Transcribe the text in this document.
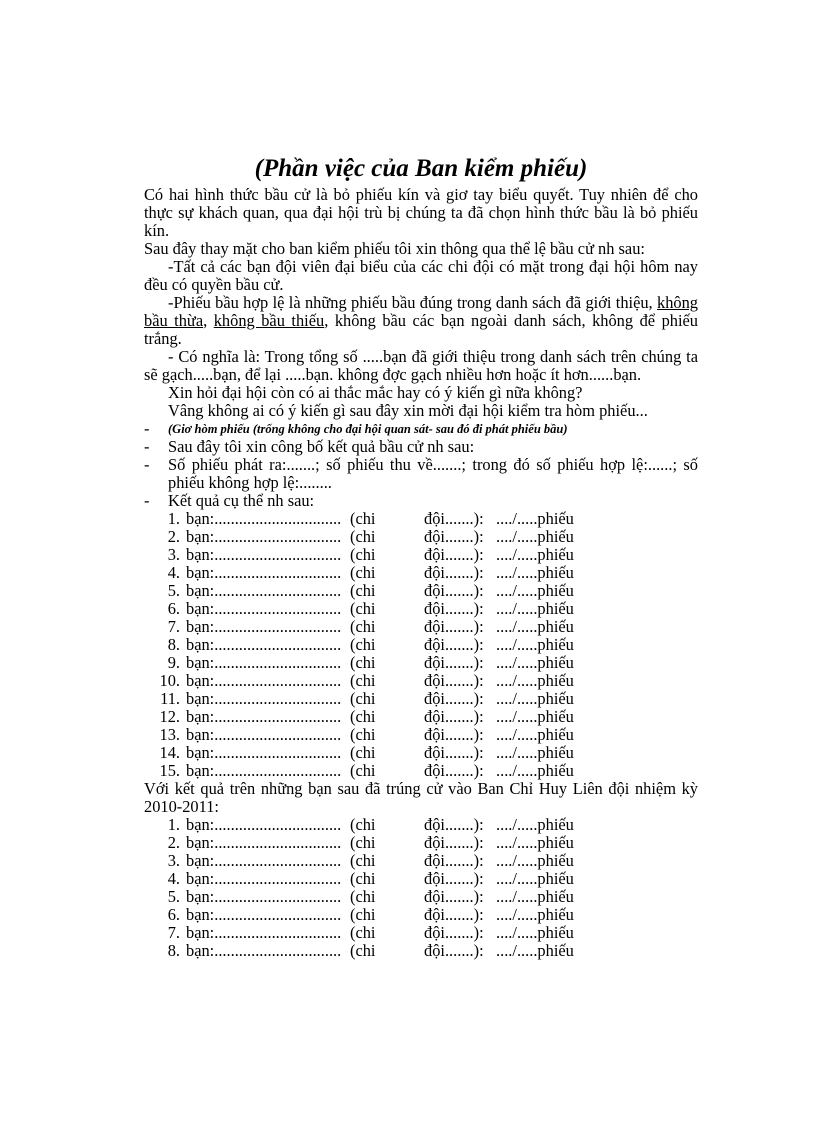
(Phần việc của Ban kiểm phiếu)

Có hai hình thức bầu cử là bỏ phiếu kín và giơ tay biểu quyết. Tuy nhiên để cho thực sự khách quan, qua đại hội trù bị chúng ta đã chọn hình thức bầu là bỏ phiếu kín.

Sau đây thay mặt cho ban kiểm phiếu tôi xin thông qua thể lệ bầu cử nh sau:

-Tất cả các bạn đội viên đại biểu của các chi đội có mặt trong đại hội hôm nay đều có quyền bầu cử.

-Phiếu bầu hợp lệ là những phiếu bầu đúng trong danh sách đã giới thiệu, không bầu thừa, không bầu thiếu, không bầu các bạn ngoài danh sách, không để phiếu trắng.

- Có nghĩa là: Trong tổng số .....bạn đã giới thiệu trong danh sách trên chúng ta sẽ gạch.....bạn, để lại .....bạn. không đợc gạch nhiều hơn hoặc ít hơn......bạn.

Xin hỏi đại hội còn có ai thắc mắc hay có ý kiến gì nữa không?

Vâng không ai có ý kiến gì sau đây xin mời đại hội kiểm tra hòm phiếu...

-	(Giơ hòm phiếu (trống không cho đại hội quan sát- sau đó đi phát phiếu bầu)
-	Sau đây tôi xin công bố kết quả bầu cử nh sau:
-	Số phiếu phát ra:.......; số phiếu thu về.......; trong đó số phiếu hợp lệ:......; số phiếu không hợp lệ:........
-	Kết quả cụ thể nh sau:
1. bạn:............................... (chi	đội.......): ..../.....phiếu
2. bạn:............................... (chi	đội.......): ..../.....phiếu
3. bạn:............................... (chi	đội.......): ..../.....phiếu
4. bạn:............................... (chi	đội.......): ..../.....phiếu
5. bạn:............................... (chi	đội.......): ..../.....phiếu
6. bạn:............................... (chi	đội.......): ..../.....phiếu
7. bạn:............................... (chi	đội.......): ..../.....phiếu
8. bạn:............................... (chi	đội.......): ..../.....phiếu
9. bạn:............................... (chi	đội.......): ..../.....phiếu
10. bạn:............................... (chi	đội.......): ..../.....phiếu
11. bạn:............................... (chi	đội.......): ..../.....phiếu
12. bạn:............................... (chi	đội.......): ..../.....phiếu
13. bạn:............................... (chi	đội.......): ..../.....phiếu
14. bạn:............................... (chi	đội.......): ..../.....phiếu
15. bạn:............................... (chi	đội.......): ..../.....phiếu

Với kết quả trên những bạn sau đã trúng cử vào Ban Chỉ Huy Liên đội nhiệm kỳ 2010-2011:

1. bạn:............................... (chi	đội.......): ..../.....phiếu
2. bạn:............................... (chi	đội.......): ..../.....phiếu
3. bạn:............................... (chi	đội.......): ..../.....phiếu
4. bạn:............................... (chi	đội.......): ..../.....phiếu
5. bạn:............................... (chi	đội.......): ..../.....phiếu
6. bạn:............................... (chi	đội.......): ..../.....phiếu
7. bạn:............................... (chi	đội.......): ..../.....phiếu
8. bạn:............................... (chi	đội.......): ..../.....phiếu
